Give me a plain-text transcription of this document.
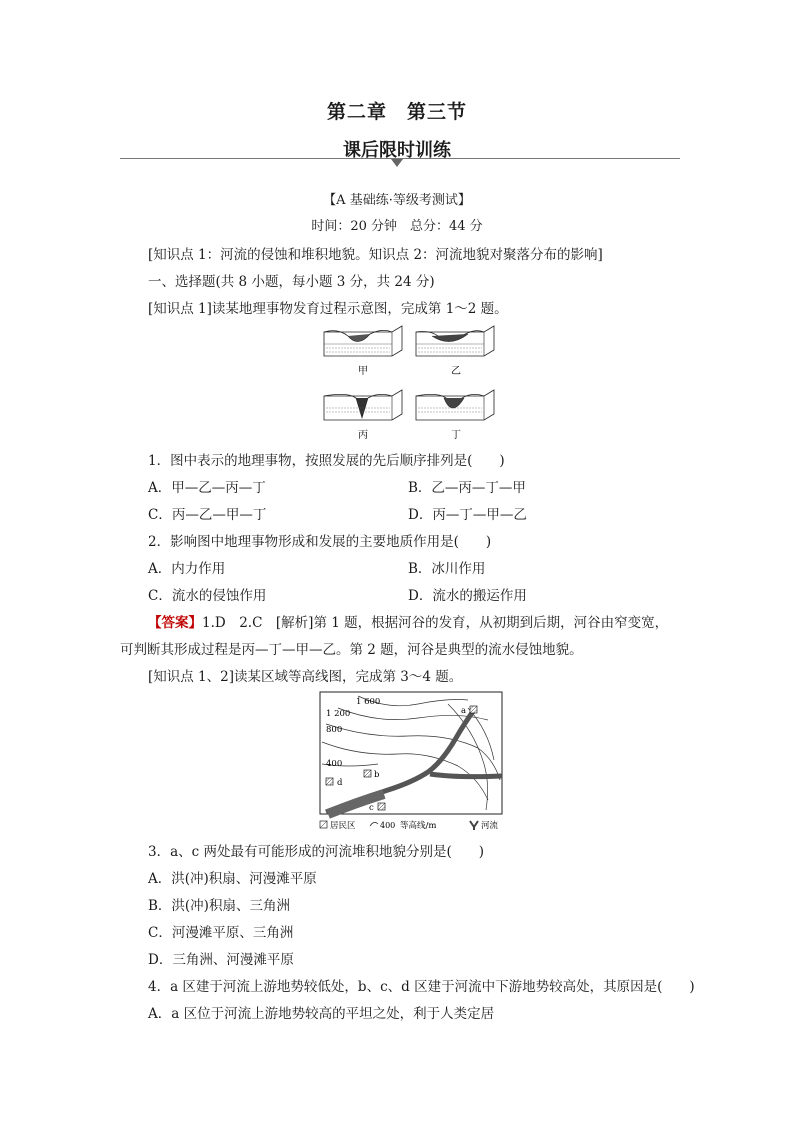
第二章　第三节
课后限时训练
【A 基础练·等级考测试】
时间：20 分钟　总分：44 分
[知识点 1：河流的侵蚀和堆积地貌。知识点 2：河流地貌对聚落分布的影响]
一、选择题(共 8 小题，每小题 3 分，共 24 分)
[知识点 1]读某地理事物发育过程示意图，完成第 1～2 题。
甲	乙
丙	丁
1．图中表示的地理事物，按照发展的先后顺序排列是(　　)
A．甲—乙—丙—丁	B．乙—丙—丁—甲
C．丙—乙—甲—丁	D．丙—丁—甲—乙
2．影响图中地理事物形成和发展的主要地质作用是(　　)
A．内力作用	B．冰川作用
C．流水的侵蚀作用	D．流水的搬运作用
【答案】1.D　2.C　[解析]第 1 题，根据河谷的发育，从初期到后期，河谷由窄变宽，
可判断其形成过程是丙—丁—甲—乙。第 2 题，河谷是典型的流水侵蚀地貌。
[知识点 1、2]读某区域等高线图，完成第 3～4 题。
1 600
1 200
800
400
a
b
c
d
居民区	400 等高线/m	河流
3．a、c 两处最有可能形成的河流堆积地貌分别是(　　)
A．洪(冲)积扇、河漫滩平原
B．洪(冲)积扇、三角洲
C．河漫滩平原、三角洲
D．三角洲、河漫滩平原
4．a 区建于河流上游地势较低处，b、c、d 区建于河流中下游地势较高处，其原因是(　　)
A．a 区位于河流上游地势较高的平坦之处，利于人类定居
